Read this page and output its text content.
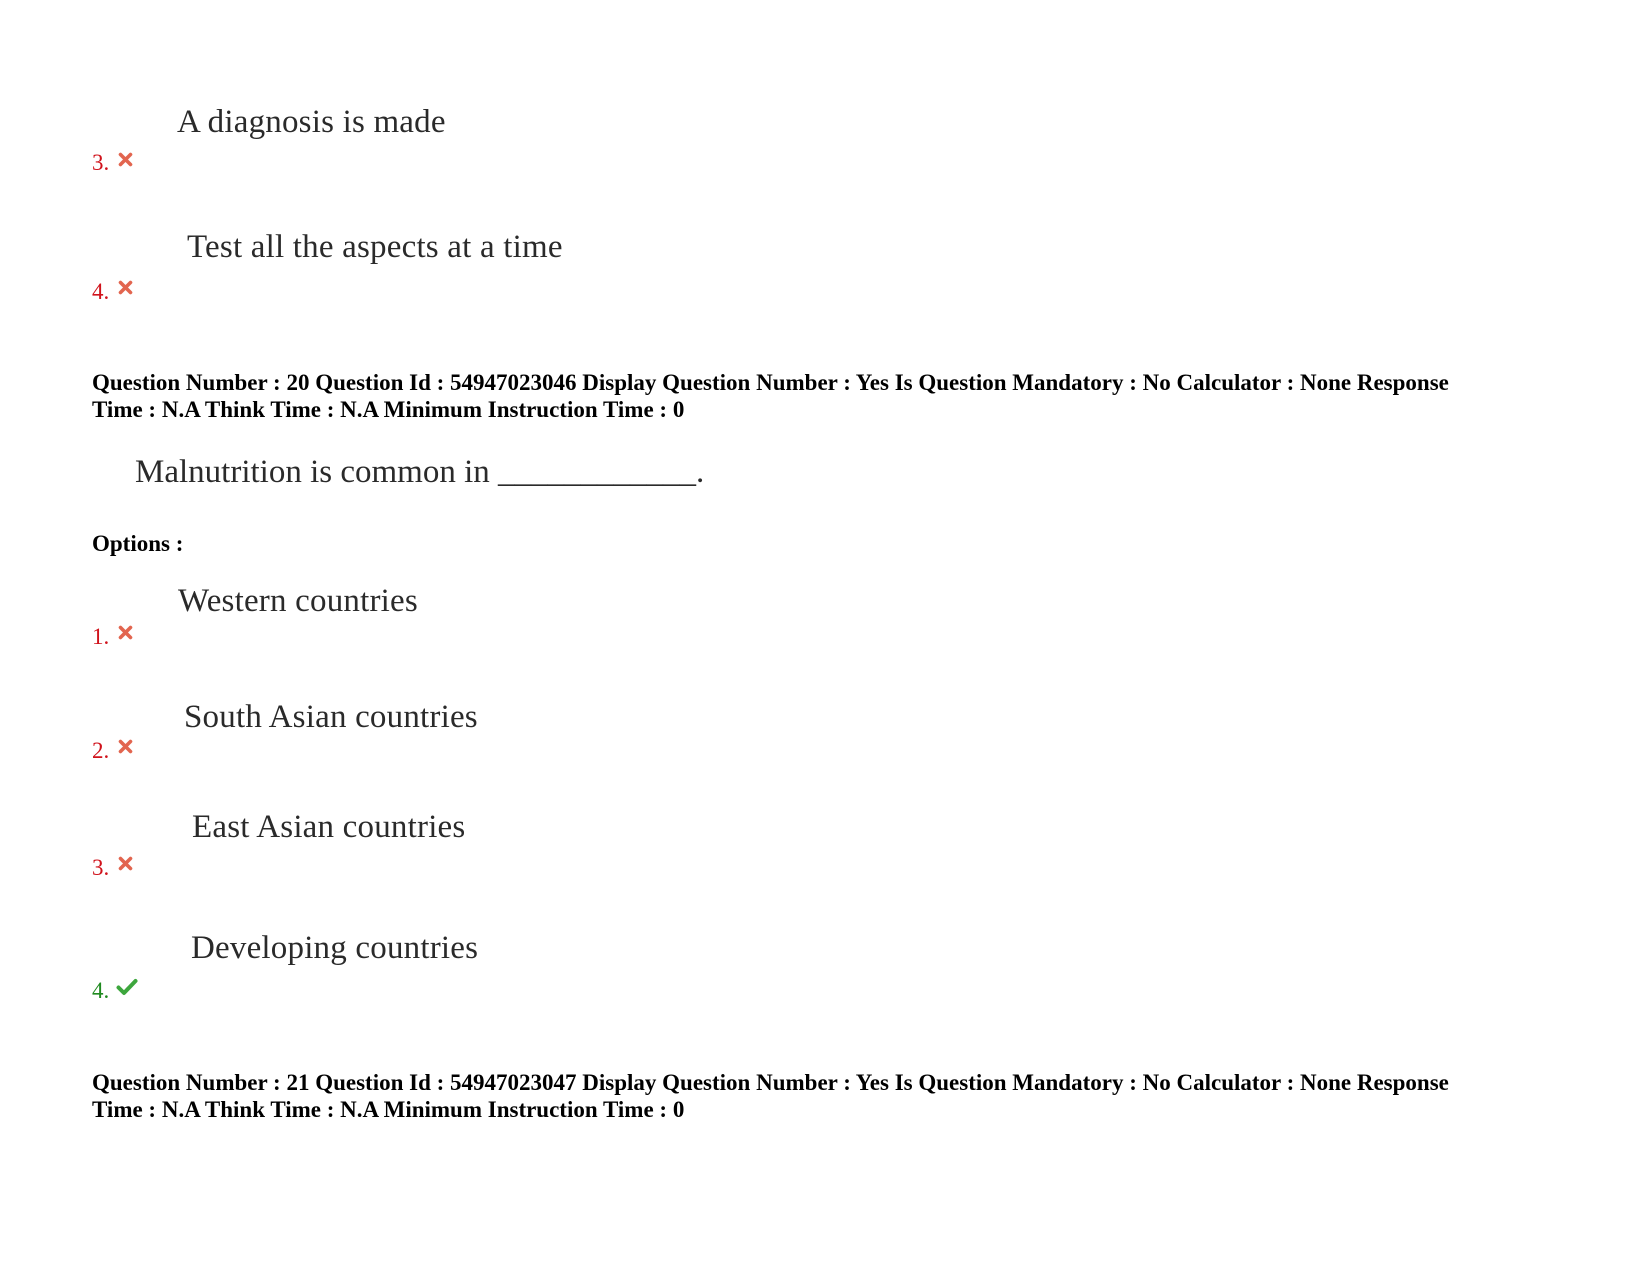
A diagnosis is made
3.
Test all the aspects at a time
4.
Question Number : 20 Question Id : 54947023046 Display Question Number : Yes Is Question Mandatory : No Calculator : None Response
Time : N.A Think Time : N.A Minimum Instruction Time : 0
Malnutrition is common in ____________.
Options :
Western countries
1.
South Asian countries
2.
East Asian countries
3.
Developing countries
4.
Question Number : 21 Question Id : 54947023047 Display Question Number : Yes Is Question Mandatory : No Calculator : None Response
Time : N.A Think Time : N.A Minimum Instruction Time : 0
